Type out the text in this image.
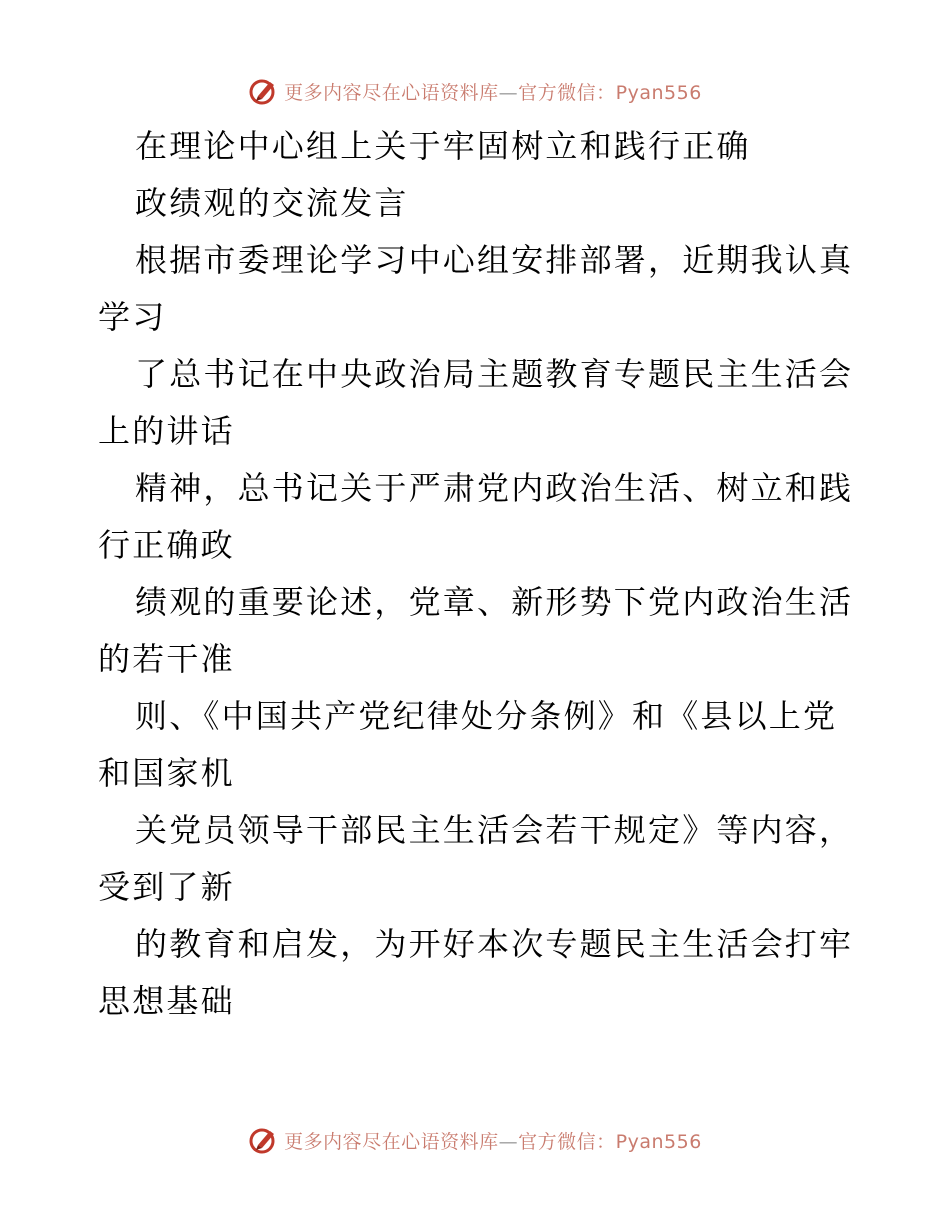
更多内容尽在心语资料库—官方微信：Pyan556
在理论中心组上关于牢固树立和践行正确
政绩观的交流发言
根据市委理论学习中心组安排部署，近期我认真
学习
了总书记在中央政治局主题教育专题民主生活会
上的讲话
精神，总书记关于严肃党内政治生活、树立和践
行正确政
绩观的重要论述，党章、新形势下党内政治生活
的若干准
则、《中国共产党纪律处分条例》和《县以上党
和国家机
关党员领导干部民主生活会若干规定》等内容，
受到了新
的教育和启发，为开好本次专题民主生活会打牢
思想基础
更多内容尽在心语资料库—官方微信：Pyan556
